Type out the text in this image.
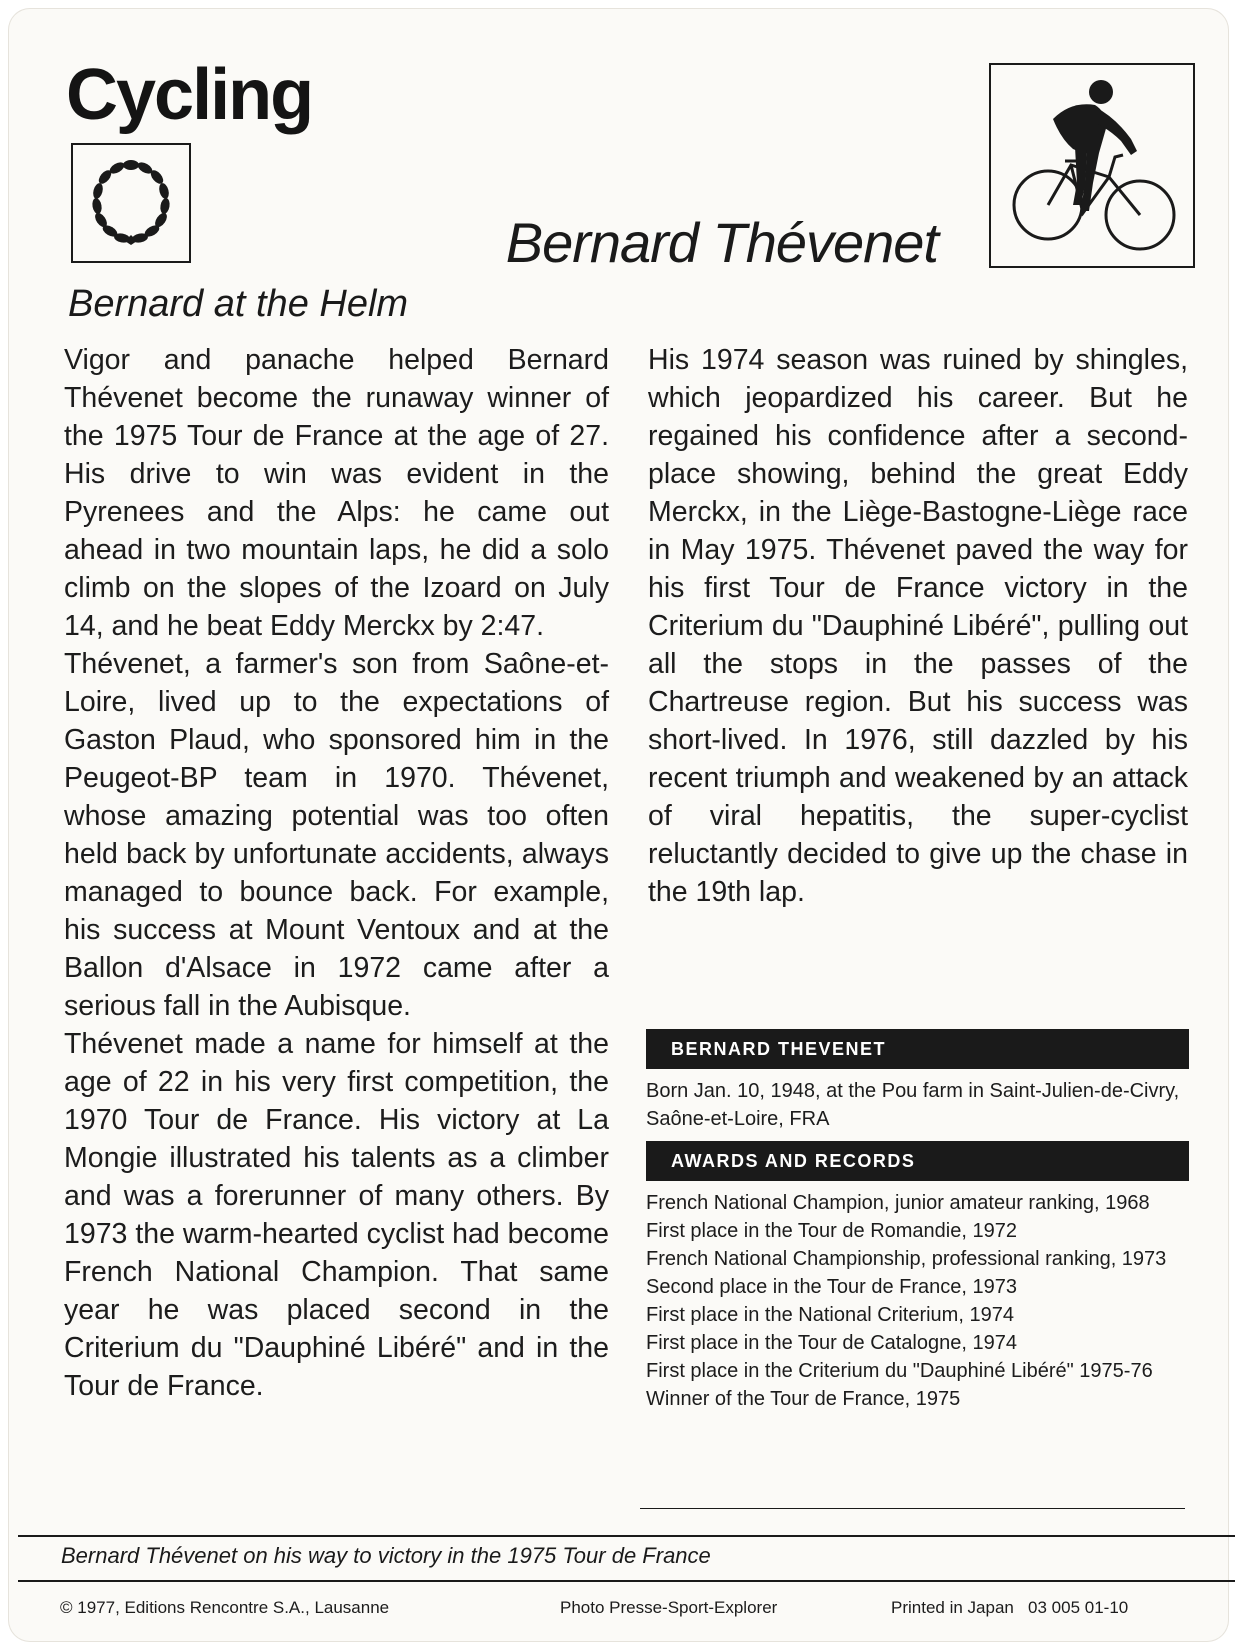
Cycling
Bernard Thévenet
Bernard at the Helm

Vigor and panache helped Bernard Thévenet become the runaway winner of the 1975 Tour de France at the age of 27. His drive to win was evident in the Pyrenees and the Alps: he came out ahead in two mountain laps, he did a solo climb on the slopes of the Izoard on July 14, and he beat Eddy Merckx by 2:47.

Thévenet, a farmer's son from Saône-et-Loire, lived up to the expectations of Gaston Plaud, who sponsored him in the Peugeot-BP team in 1970. Thévenet, whose amazing potential was too often held back by unfortunate accidents, always managed to bounce back. For example, his success at Mount Ventoux and at the Ballon d'Alsace in 1972 came after a serious fall in the Aubisque.

Thévenet made a name for himself at the age of 22 in his very first competition, the 1970 Tour de France. His victory at La Mongie illustrated his talents as a climber and was a forerunner of many others. By 1973 the warm-hearted cyclist had become French National Champion. That same year he was placed second in the Criterium du "Dauphiné Libéré" and in the Tour de France.

His 1974 season was ruined by shingles, which jeopardized his career. But he regained his confidence after a second-place showing, behind the great Eddy Merckx, in the Liège-Bastogne-Liège race in May 1975. Thévenet paved the way for his first Tour de France victory in the Criterium du "Dauphiné Libéré", pulling out all the stops in the passes of the Chartreuse region. But his success was short-lived. In 1976, still dazzled by his recent triumph and weakened by an attack of viral hepatitis, the super-cyclist reluctantly decided to give up the chase in the 19th lap.

BERNARD THEVENET
Born Jan. 10, 1948, at the Pou farm in Saint-Julien-de-Civry, Saône-et-Loire, FRA
AWARDS AND RECORDS
French National Champion, junior amateur ranking, 1968
First place in the Tour de Romandie, 1972
French National Championship, professional ranking, 1973
Second place in the Tour de France, 1973
First place in the National Criterium, 1974
First place in the Tour de Catalogne, 1974
First place in the Criterium du "Dauphiné Libéré" 1975-76
Winner of the Tour de France, 1975
Bernard Thévenet on his way to victory in the 1975 Tour de France
© 1977, Editions Rencontre S.A., Lausanne	Photo Presse-Sport-Explorer	Printed in Japan   03 005 01-10
